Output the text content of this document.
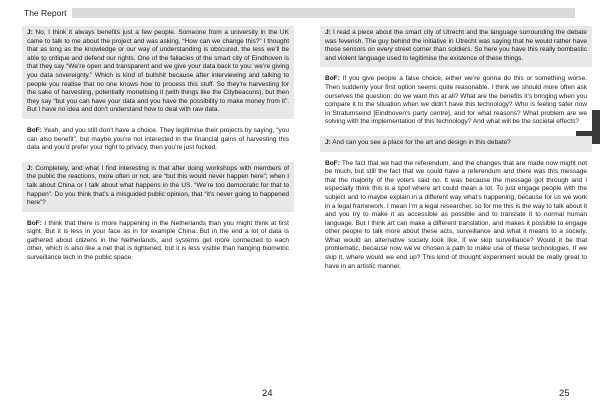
The Report
J: No, I think it always benefits just a few people. Someone from a university in the UK came to talk to me about the project and was asking, “How can we change this?” I thought that as long as the knowledge or our way of understanding is obscured, the less we’ll be able to critique and defend our rights. One of the fallacies of the smart city of Eindhoven is that they say “We’re open and transparent and we give your data back to you: we’re giving you data sovereignty.” Which is kind of bullshit because after interviewing and talking to people you realise that no one knows how to process this stuff. So they’re harvesting for the sake of harvesting, potentially monetising it (with things like the Citybeacons), but then they say “but you can have your data and you have the possibility to make money from it”. But I have no idea and don’t understand how to deal with raw data.
BoF: Yeah, and you still don’t have a choice. They legitimise their projects by saying, “you can also benefit”, but maybe you’re not interested in the financial gains of harvesting this data and you’d prefer your right to privacy, then you’re just fucked.
J: Completely, and what I find interesting is that after doing workshops with members of the public the reactions, more often or not, are “but this would never happen here”; when I talk about China or I talk about what happens in the US. “We’re too democratic for that to happen”. Do you think that’s a misguided public opinion, that “it’s never going to happened here”?
BoF: I think that there is more happening in the Netherlands than you might think at first sight. But it is less in your face as in for example China. But in the end a lot of data is gathered about citizens in the Netherlands, and systems get more connected to each other, which is also like a net that is tightened, but it is less visible than hanging biometric surveillance tech in the public space.
J: I read a piece about the smart city of Utrecht and the language surrounding the debate was feverish. The guy behind the initiative in Utrecht was saying that he would rather have these sensors on every street corner than soldiers. So here you have this really bombastic and violent language used to legitimise the existence of these things.
BoF: If you give people a false choice, either we’re gonna do this or something worse. Then suddenly your first option seems quite reasonable. I think we should more often ask ourselves the question: do we want this at all? What are the benefits it’s bringing when you compare it to the situation when we didn’t have this technology? Who is feeling safer now in Stratumseind [Eindhoven’s party centre], and for what reasons? What problem are we solving with the implementation of this technology? And what will be the societal effects?
J: And can you see a place for the art and design in this debate?
BoF: The fact that we had the referendum, and the changes that are made now might not be much, but still the fact that we could have a referendum and there was this message that the majority of the voters said no. It was because the message got through and I especially think this is a spot where art could mean a lot. To just engage people with the subject and to maybe explain in a different way what’s happening, because for us we work in a legal framework. I mean I’m a legal researcher, so for me this is the way to talk about it and you try to make it as accessible as possible and to translate it to normal human language. But I think art can make a different translation, and makes it possible to engage other people to talk more about these acts, surveillance and what it means to a society. What would an alternative society look like, if we skip surveillance? Would it be that problematic, because now we’ve chosen a path to make use of these technologies. If we skip it, where would we end up? This kind of thought experiment would be really great to have in an artistic manner.
24	25
